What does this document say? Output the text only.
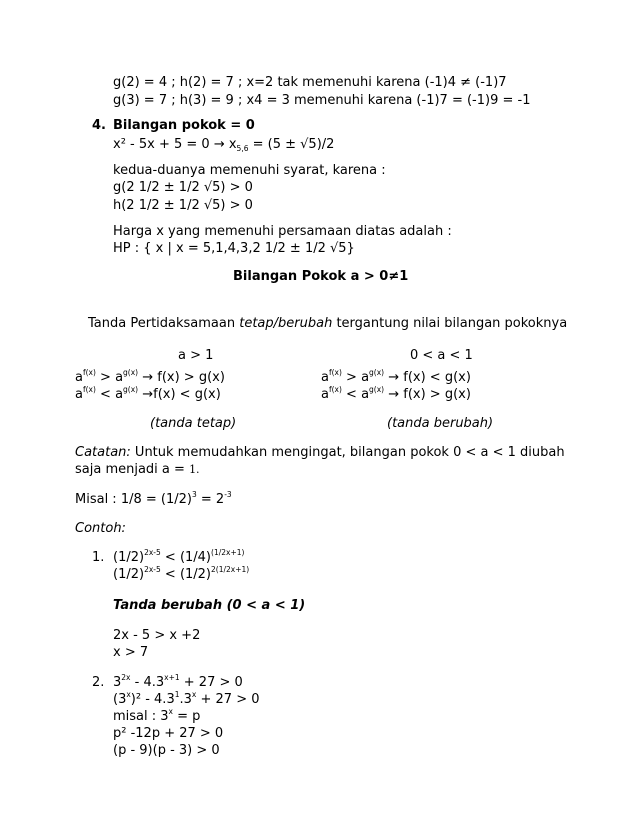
g(2) = 4 ; h(2) = 7 ; x=2 tak memenuhi karena (-1)4 ≠ (-1)7
g(3) = 7 ; h(3) = 9 ; x4 = 3 memenuhi karena (-1)7 = (-1)9 = -1
4. Bilangan pokok = 0
$x^2 - 5x + 5 = 0 \to x_{5,6} = (5 \pm √5)/2$
kedua-duanya memenuhi syarat, karena :
g(2 1/2 ± 1/2 √5) > 0
h(2 1/2 ± 1/2 √5) > 0
Harga x yang memenuhi persamaan diatas adalah :
HP : { x | x = 5,1,4,3,2 1/2 ± 1/2 √5}
Bilangan Pokok a > 0≠1
Tanda Pertidaksamaan tetap/berubah tergantung nilai bilangan pokoknya
a > 1	0 < a < 1
$a^{f(x)} > a^{g(x)} \to f(x) > g(x)$
$a^{f(x)} < a^{g(x)} \to f(x) < g(x)$
$a^{f(x)} > a^{g(x)} \to f(x) < g(x)$
$a^{f(x)} < a^{g(x)} \to f(x) > g(x)$
(tanda tetap)	(tanda berubah)
Catatan: Untuk memudahkan mengingat, bilangan pokok 0 < a < 1 diubah
saja menjadi a = 1.
Misal : $1/8 = (1/2)^3 = 2^{-3}$
Contoh:
1. $(1/2)^{2x-5} < (1/4)^{(1/2x+1)}$
$(1/2)^{2x-5} < (1/2)^{2(1/2x+1)}$
Tanda berubah (0 < a < 1)
2x - 5 > x +2
x > 7
2. $3^{2x} - 4.3^{x+1} + 27 > 0$
$(3^x)^2 - 4.3^1.3^x + 27 > 0$
misal : $3^x = p$
p² -12p + 27 > 0
(p - 9)(p - 3) > 0
